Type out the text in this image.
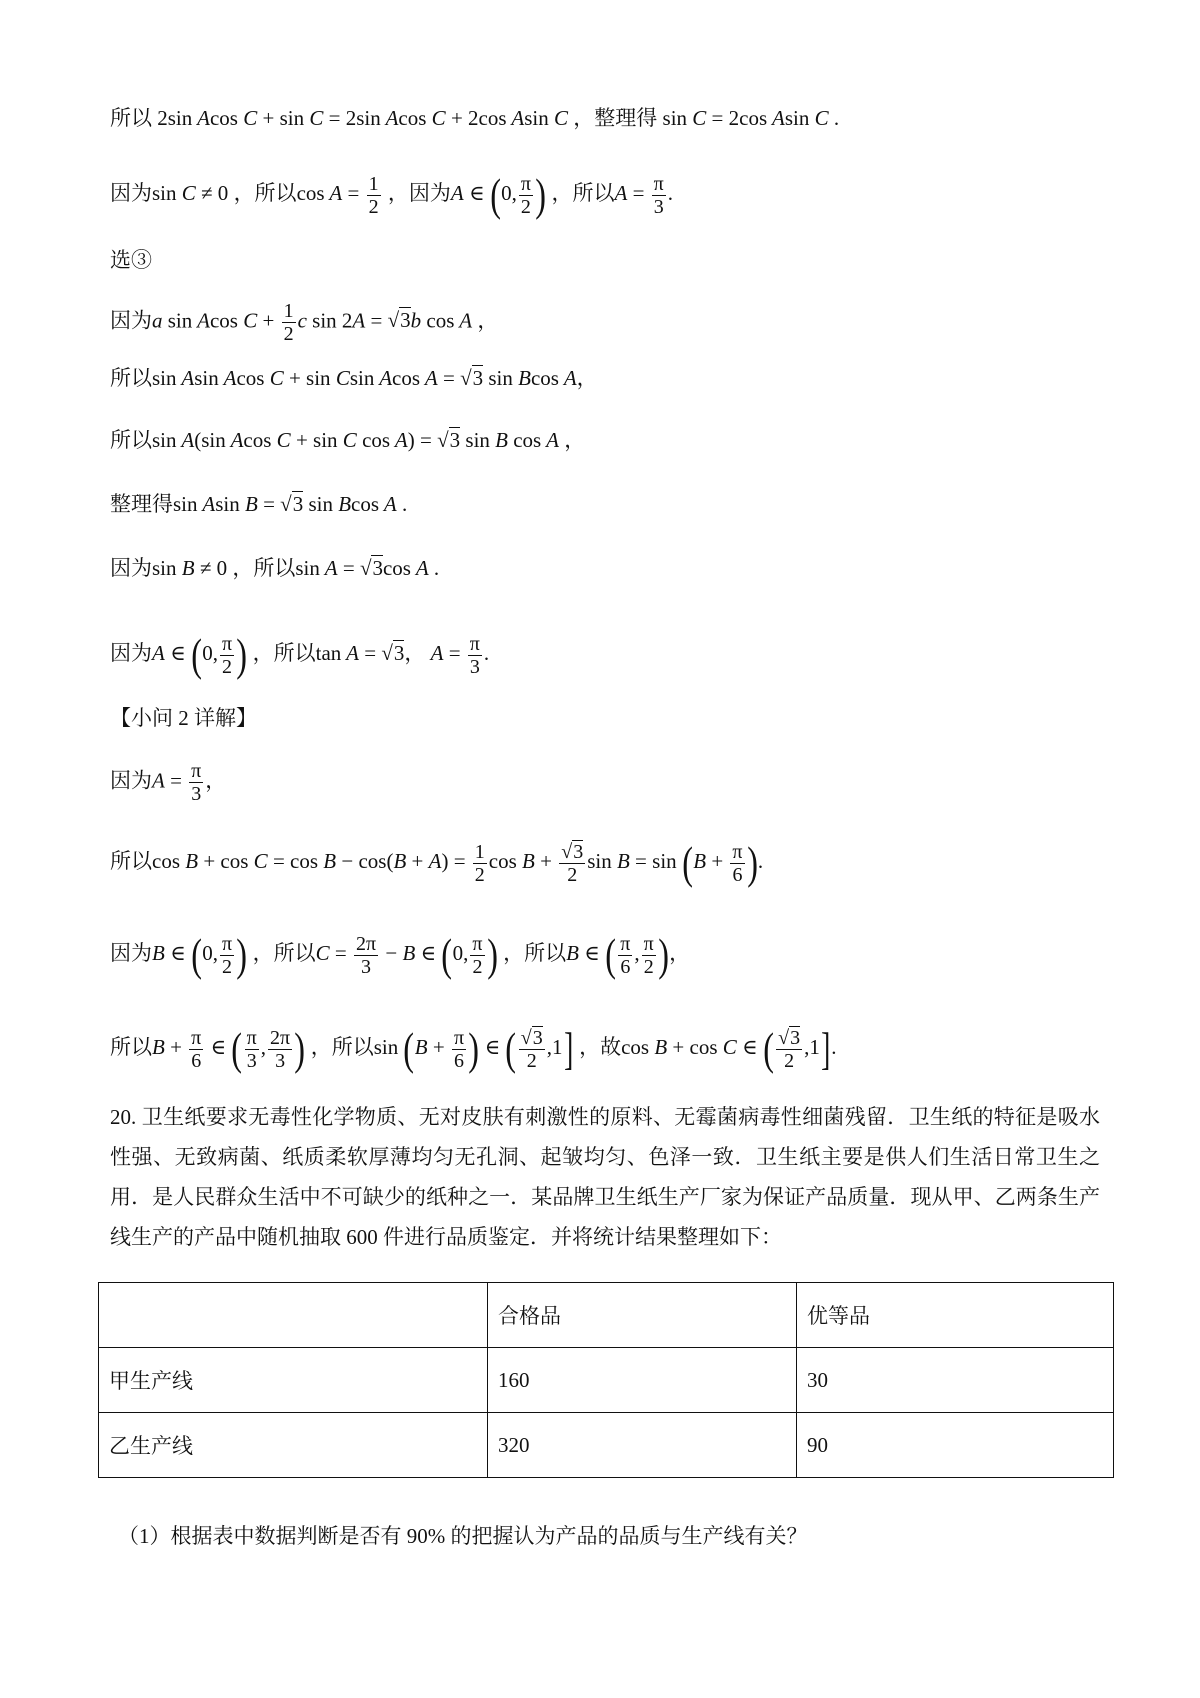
所以 2sin Acos C + sin C = 2sin Acos C + 2cos Asin C ，整理得 sin C = 2cos Asin C .
因为sin C ≠ 0 ，所以$\cos A = \frac{1}{2}$ ，因为A ∈ (0, $\frac{\pi}{2}$ ) ，所以$A = \frac{\pi}{3}$ .
选③
因为a sin Acos $C + \frac{1}{2}$ c sin 2A = √3b cos A ，
所以sin Asin Acos C + sin Csin Acos A = √3 sin Bcos A，
所以sin A(sin Acos C + sin C cos A) = √3 sin B cos A ，
整理得sin Asin B = √3 sin Bcos A .
因为sin B ≠ 0 ，所以sin A = √3cos A .
因为A ∈ (0, $\frac{\pi}{2}$ ) ，所以tan A = √3， $A = \frac{\pi}{3}$ .
【小问 2 详解】
因为$A = \frac{\pi}{3}$ ，
所以$\cos B + \cos C = \cos B - \cos(B + A) = \frac{1}{2}$ $\cos B + \frac{√3}{2}$ $\sin B = \sin (B + \frac{\pi}{6}$ ).
因为B ∈ (0, $\frac{\pi}{2}$ ) ，所以$C = \frac{2\pi}{3} - B$ ∈ (0, $\frac{\pi}{2}$ ) ，所以B ∈ ( $\frac{\pi}{6}$ , $\frac{\pi}{2}$ )，
所以$B + \frac{\pi}{6}$ ∈ ( $\frac{\pi}{3}$ , $\frac{2\pi}{3}$ ) ，所以$\sin (B + \frac{\pi}{6}$ ) ∈ ( $\frac{√3}{2} ,1$] ，故cos B + cos C ∈ ( $\frac{√3}{2} ,1$].
20. 卫生纸要求无毒性化学物质、无对皮肤有刺激性的原料、无霉菌病毒性细菌残留．卫生纸的特征是吸水性强、无致病菌、纸质柔软厚薄均匀无孔洞、起皱均匀、色泽一致．卫生纸主要是供人们生活日常卫生之用．是人民群众生活中不可缺少的纸种之一．某品牌卫生纸生产厂家为保证产品质量．现从甲、乙两条生产线生产的产品中随机抽取 600 件进行品质鉴定．并将统计结果整理如下：
	合格品	优等品
甲生产线	160	30
乙生产线	320	90
（1）根据表中数据判断是否有 90% 的把握认为产品的品质与生产线有关？
